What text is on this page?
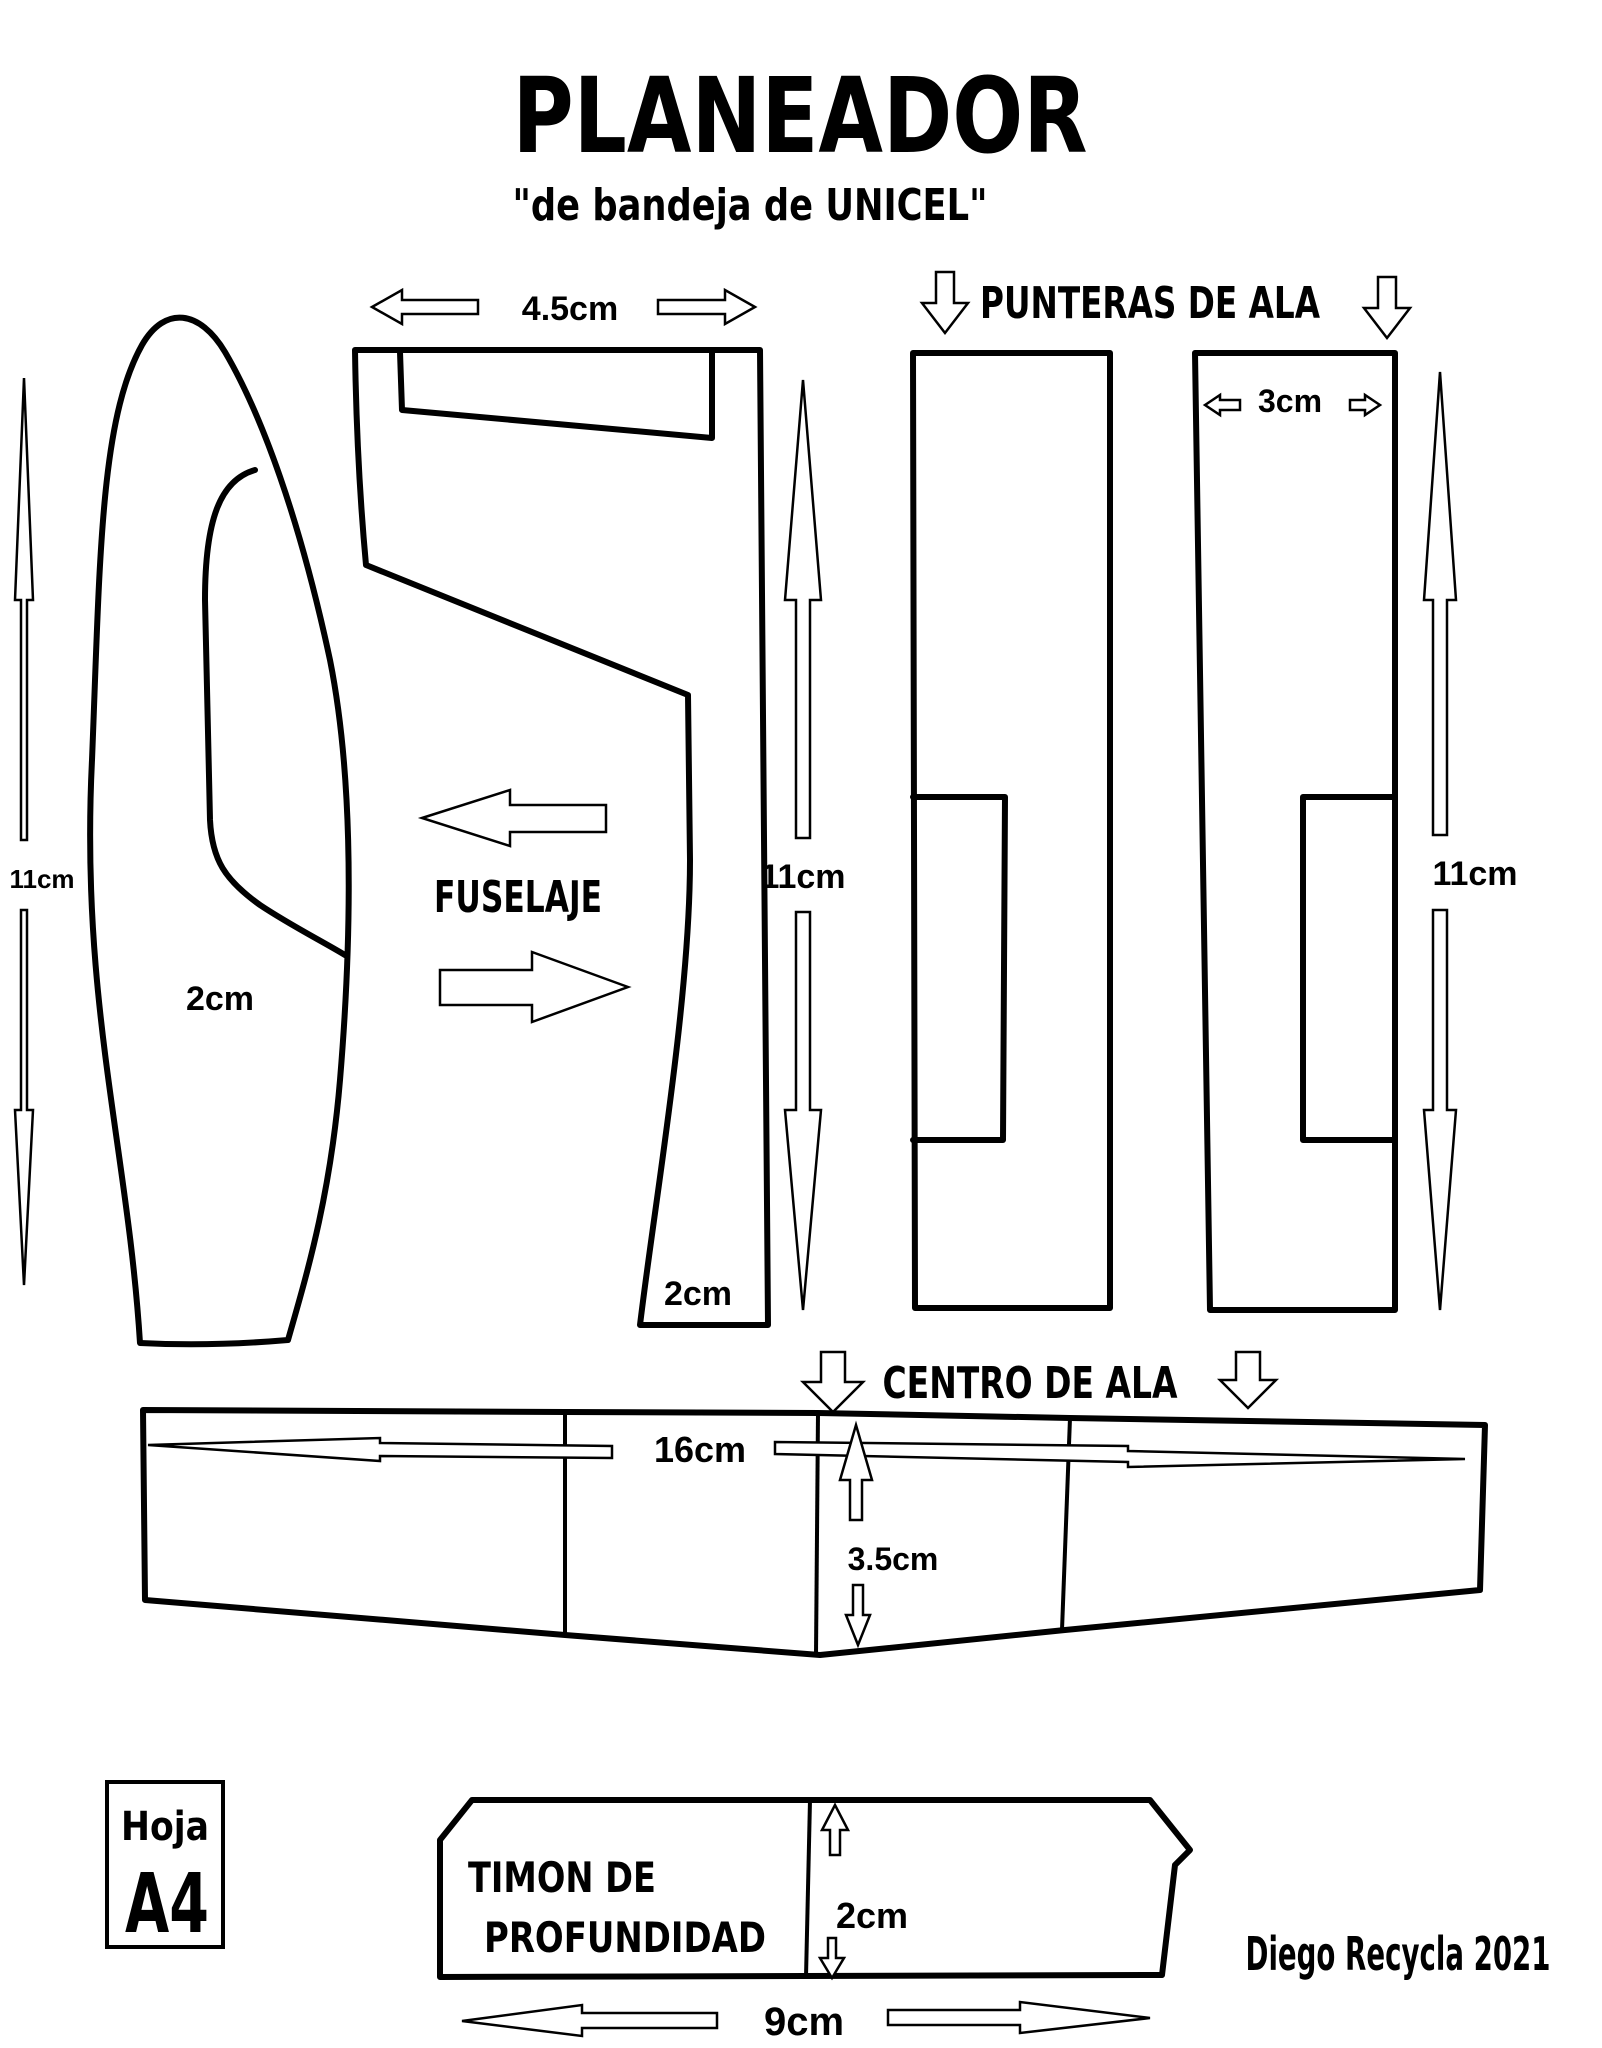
PLANEADOR
"de bandeja de UNICEL"
2cm
11cm
2cm
4.5cm
FUSELAJE	11cm
PUNTERAS DE ALA
3cm
11cm
CENTRO DE ALA
16cm
3.5cm
Hoja
A4	TIMON DE
PROFUNDIDAD 2cm
9cm
Diego Recycla 2021
